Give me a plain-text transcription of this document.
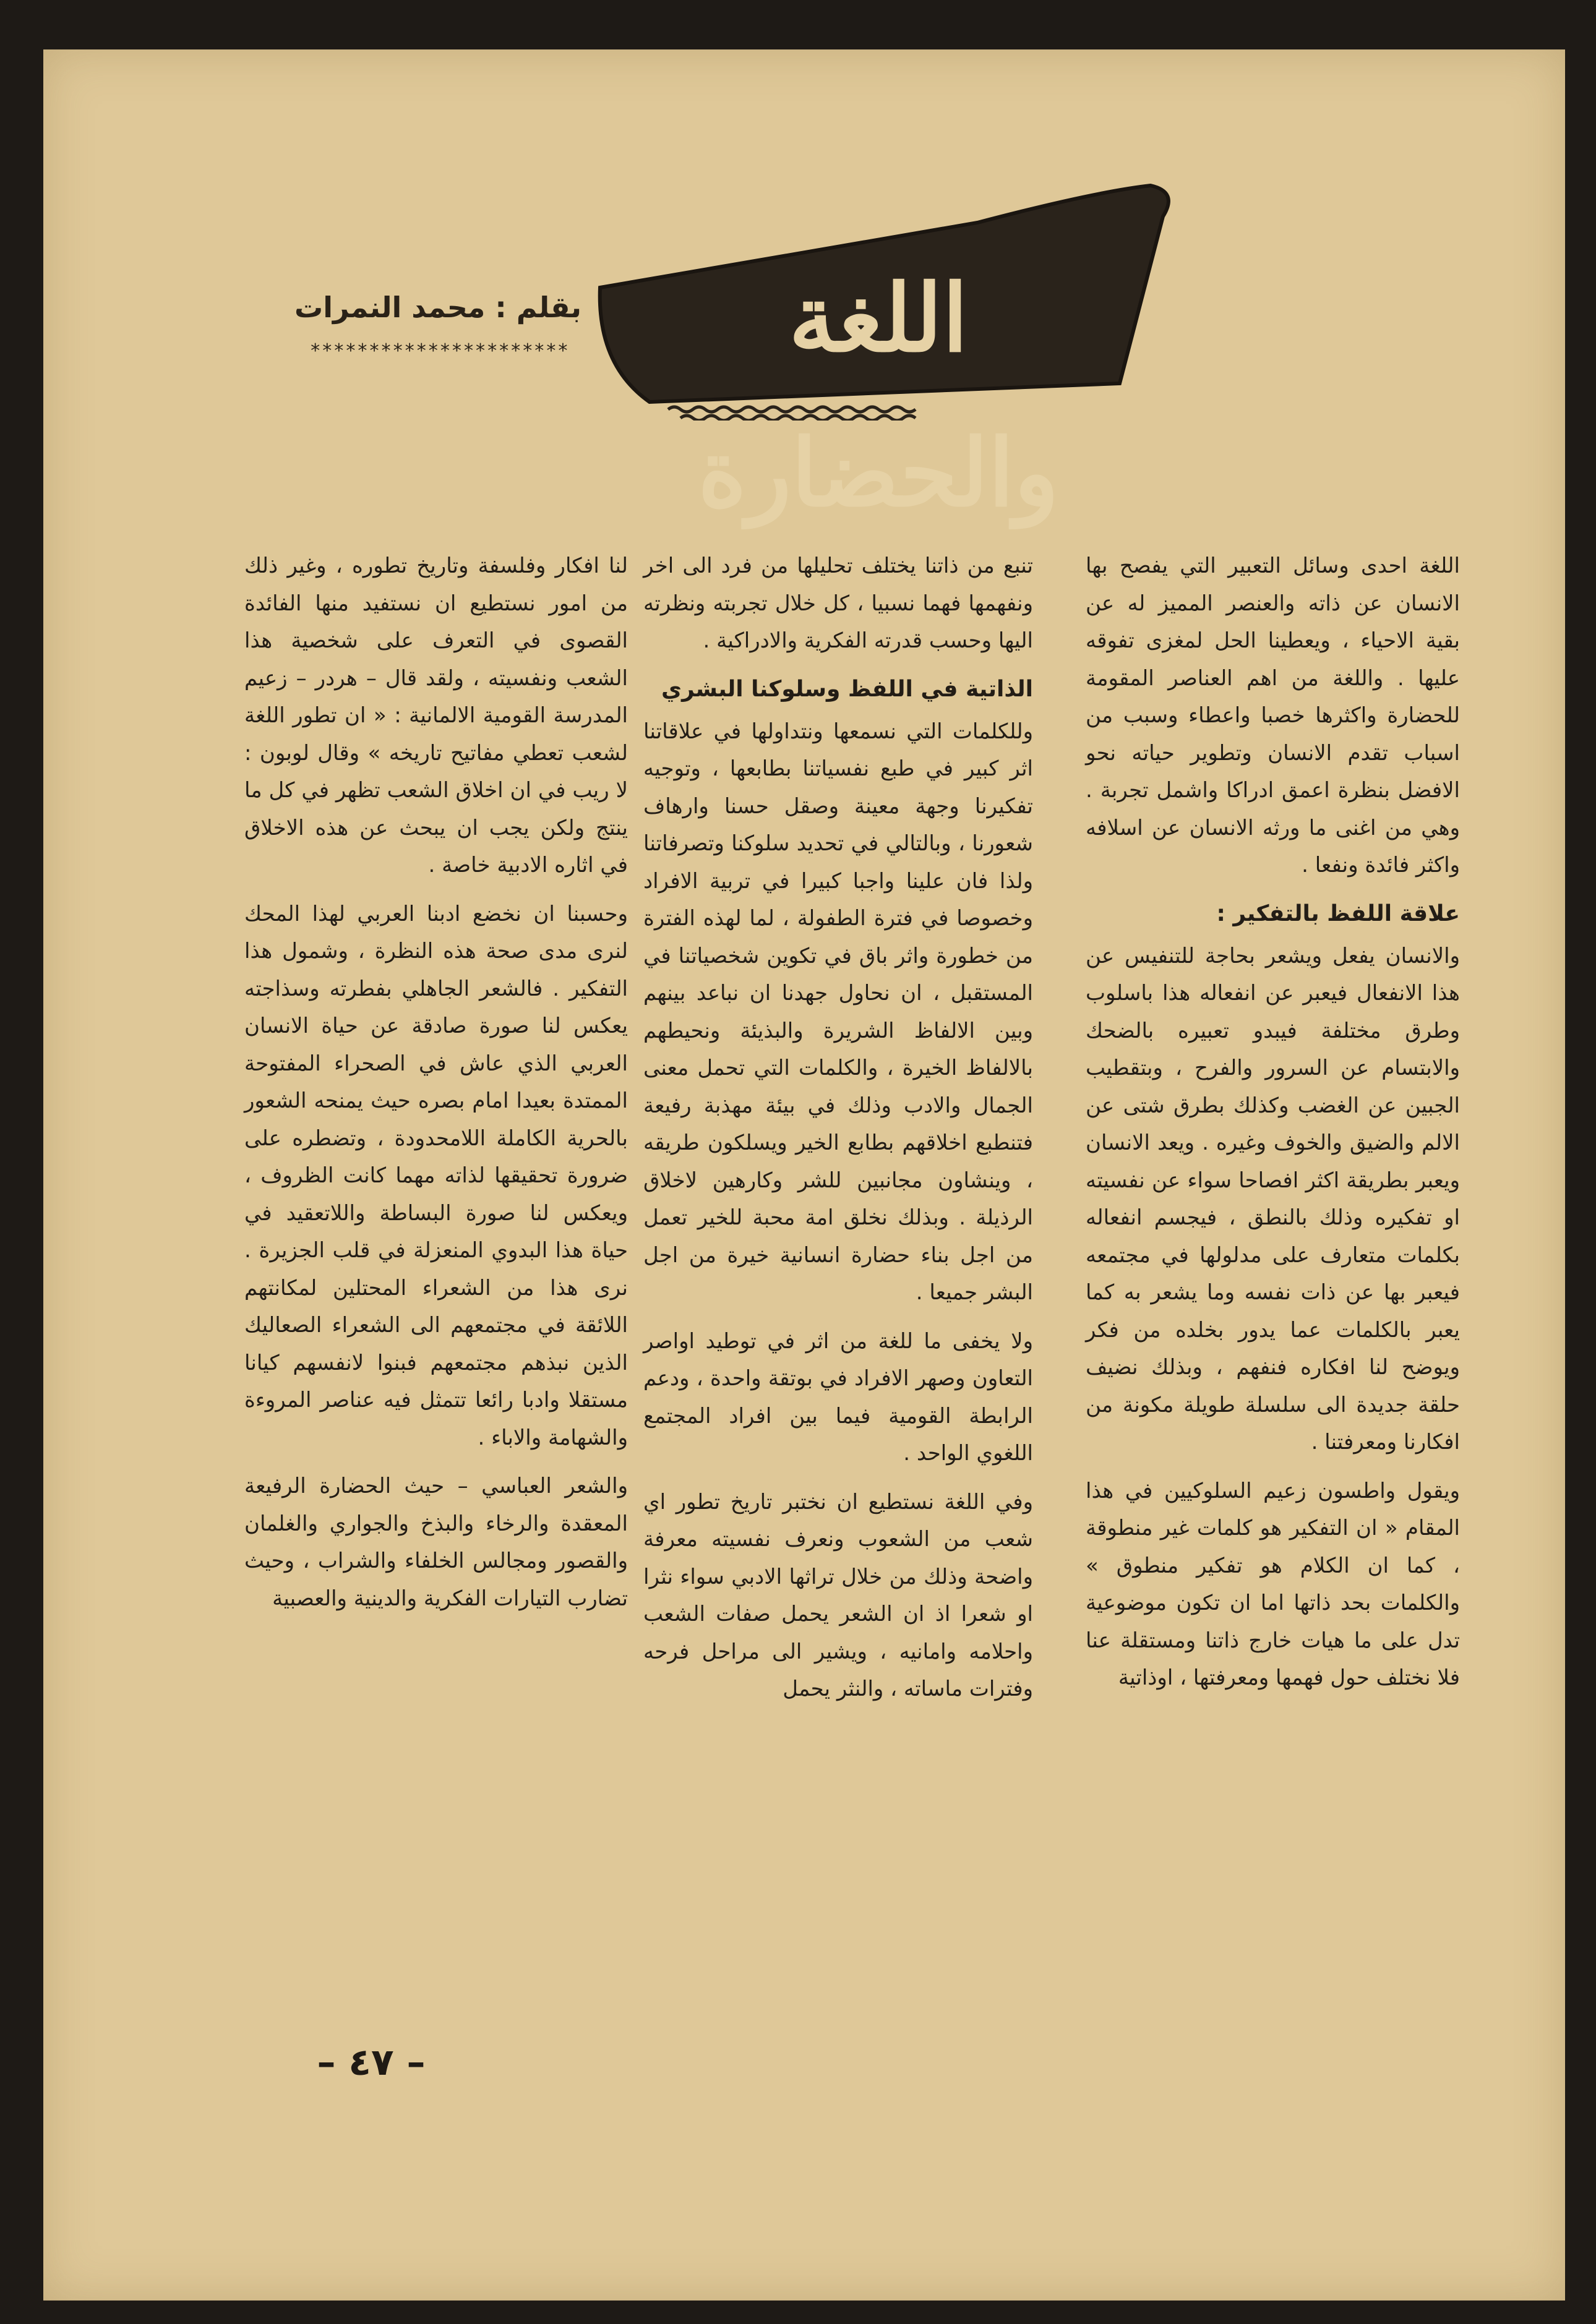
اللغة والحضارة
بقلم : محمد النمرات
**********************

اللغة احدى وسائل التعبير التي يفصح بها الانسان عن ذاته والعنصر المميز له عن بقية الاحياء ، ويعطينا الحل لمغزى تفوقه عليها . واللغة من اهم العناصر المقومة للحضارة واكثرها خصبا واعطاء وسبب من اسباب تقدم الانسان وتطوير حياته نحو الافضل بنظرة اعمق ادراكا واشمل تجربة . وهي من اغنى ما ورثه الانسان عن اسلافه واكثر فائدة ونفعا .

علاقة اللفظ بالتفكير :

والانسان يفعل ويشعر بحاجة للتنفيس عن هذا الانفعال فيعبر عن انفعاله هذا باسلوب وطرق مختلفة فيبدو تعبيره بالضحك والابتسام عن السرور والفرح ، وبتقطيب الجبين عن الغضب وكذلك بطرق شتى عن الالم والضيق والخوف وغيره . ويعد الانسان ويعبر بطريقة اكثر افصاحا سواء عن نفسيته او تفكيره وذلك بالنطق ، فيجسم انفعاله بكلمات متعارف على مدلولها في مجتمعه فيعبر بها عن ذات نفسه وما يشعر به كما يعبر بالكلمات عما يدور بخلده من فكر ويوضح لنا افكاره فنفهم ، وبذلك نضيف حلقة جديدة الى سلسلة طويلة مكونة من افكارنا ومعرفتنا .

ويقول واطسون زعيم السلوكيين في هذا المقام « ان التفكير هو كلمات غير منطوقة ، كما ان الكلام هو تفكير منطوق » والكلمات بحد ذاتها اما ان تكون موضوعية تدل على ما هيات خارج ذاتنا ومستقلة عنا فلا نختلف حول فهمها ومعرفتها ، اوذاتية

تنبع من ذاتنا يختلف تحليلها من فرد الى اخر ونفهمها فهما نسبيا ، كل خلال تجربته ونظرته اليها وحسب قدرته الفكرية والادراكية .

الذاتية في اللفظ وسلوكنا البشري

وللكلمات التي نسمعها ونتداولها في علاقاتنا اثر كبير في طبع نفسياتنا بطابعها ، وتوجيه تفكيرنا وجهة معينة وصقل حسنا وارهاف شعورنا ، وبالتالي في تحديد سلوكنا وتصرفاتنا ولذا فان علينا واجبا كبيرا في تربية الافراد وخصوصا في فترة الطفولة ، لما لهذه الفترة من خطورة واثر باق في تكوين شخصياتنا في المستقبل ، ان نحاول جهدنا ان نباعد بينهم وبين الالفاظ الشريرة والبذيئة ونحيطهم بالالفاظ الخيرة ، والكلمات التي تحمل معنى الجمال والادب وذلك في بيئة مهذبة رفيعة فتنطبع اخلاقهم بطابع الخير ويسلكون طريقه ، وينشاون مجانبين للشر وكارهين لاخلاق الرذيلة . وبذلك نخلق امة محبة للخير تعمل من اجل بناء حضارة انسانية خيرة من اجل البشر جميعا .

ولا يخفى ما للغة من اثر في توطيد اواصر التعاون وصهر الافراد في بوتقة واحدة ، ودعم الرابطة القومية فيما بين افراد المجتمع اللغوي الواحد .

وفي اللغة نستطيع ان نختبر تاريخ تطور اي شعب من الشعوب ونعرف نفسيته معرفة واضحة وذلك من خلال تراثها الادبي سواء نثرا او شعرا اذ ان الشعر يحمل صفات الشعب واحلامه وامانيه ، ويشير الى مراحل فرحه وفترات ماساته ، والنثر يحمل

لنا افكار وفلسفة وتاريخ تطوره ، وغير ذلك من امور نستطيع ان نستفيد منها الفائدة القصوى في التعرف على شخصية هذا الشعب ونفسيته ، ولقد قال – هردر – زعيم المدرسة القومية الالمانية : « ان تطور اللغة لشعب تعطي مفاتيح تاريخه » وقال لوبون : لا ريب في ان اخلاق الشعب تظهر في كل ما ينتج ولكن يجب ان يبحث عن هذه الاخلاق في اثاره الادبية خاصة .

وحسبنا ان نخضع ادبنا العربي لهذا المحك لنرى مدى صحة هذه النظرة ، وشمول هذا التفكير . فالشعر الجاهلي بفطرته وسذاجته يعكس لنا صورة صادقة عن حياة الانسان العربي الذي عاش في الصحراء المفتوحة الممتدة بعيدا امام بصره حيث يمنحه الشعور بالحرية الكاملة اللامحدودة ، وتضطره على ضرورة تحقيقها لذاته مهما كانت الظروف ، ويعكس لنا صورة البساطة واللاتعقيد في حياة هذا البدوي المنعزلة في قلب الجزيرة . نرى هذا من الشعراء المحتلين لمكانتهم اللائقة في مجتمعهم الى الشعراء الصعاليك الذين نبذهم مجتمعهم فبنوا لانفسهم كيانا مستقلا وادبا رائعا تتمثل فيه عناصر المروءة والشهامة والاباء .

والشعر العباسي – حيث الحضارة الرفيعة المعقدة والرخاء والبذخ والجواري والغلمان والقصور ومجالس الخلفاء والشراب ، وحيث تضارب التيارات الفكرية والدينية والعصبية

– ٤٧ –
